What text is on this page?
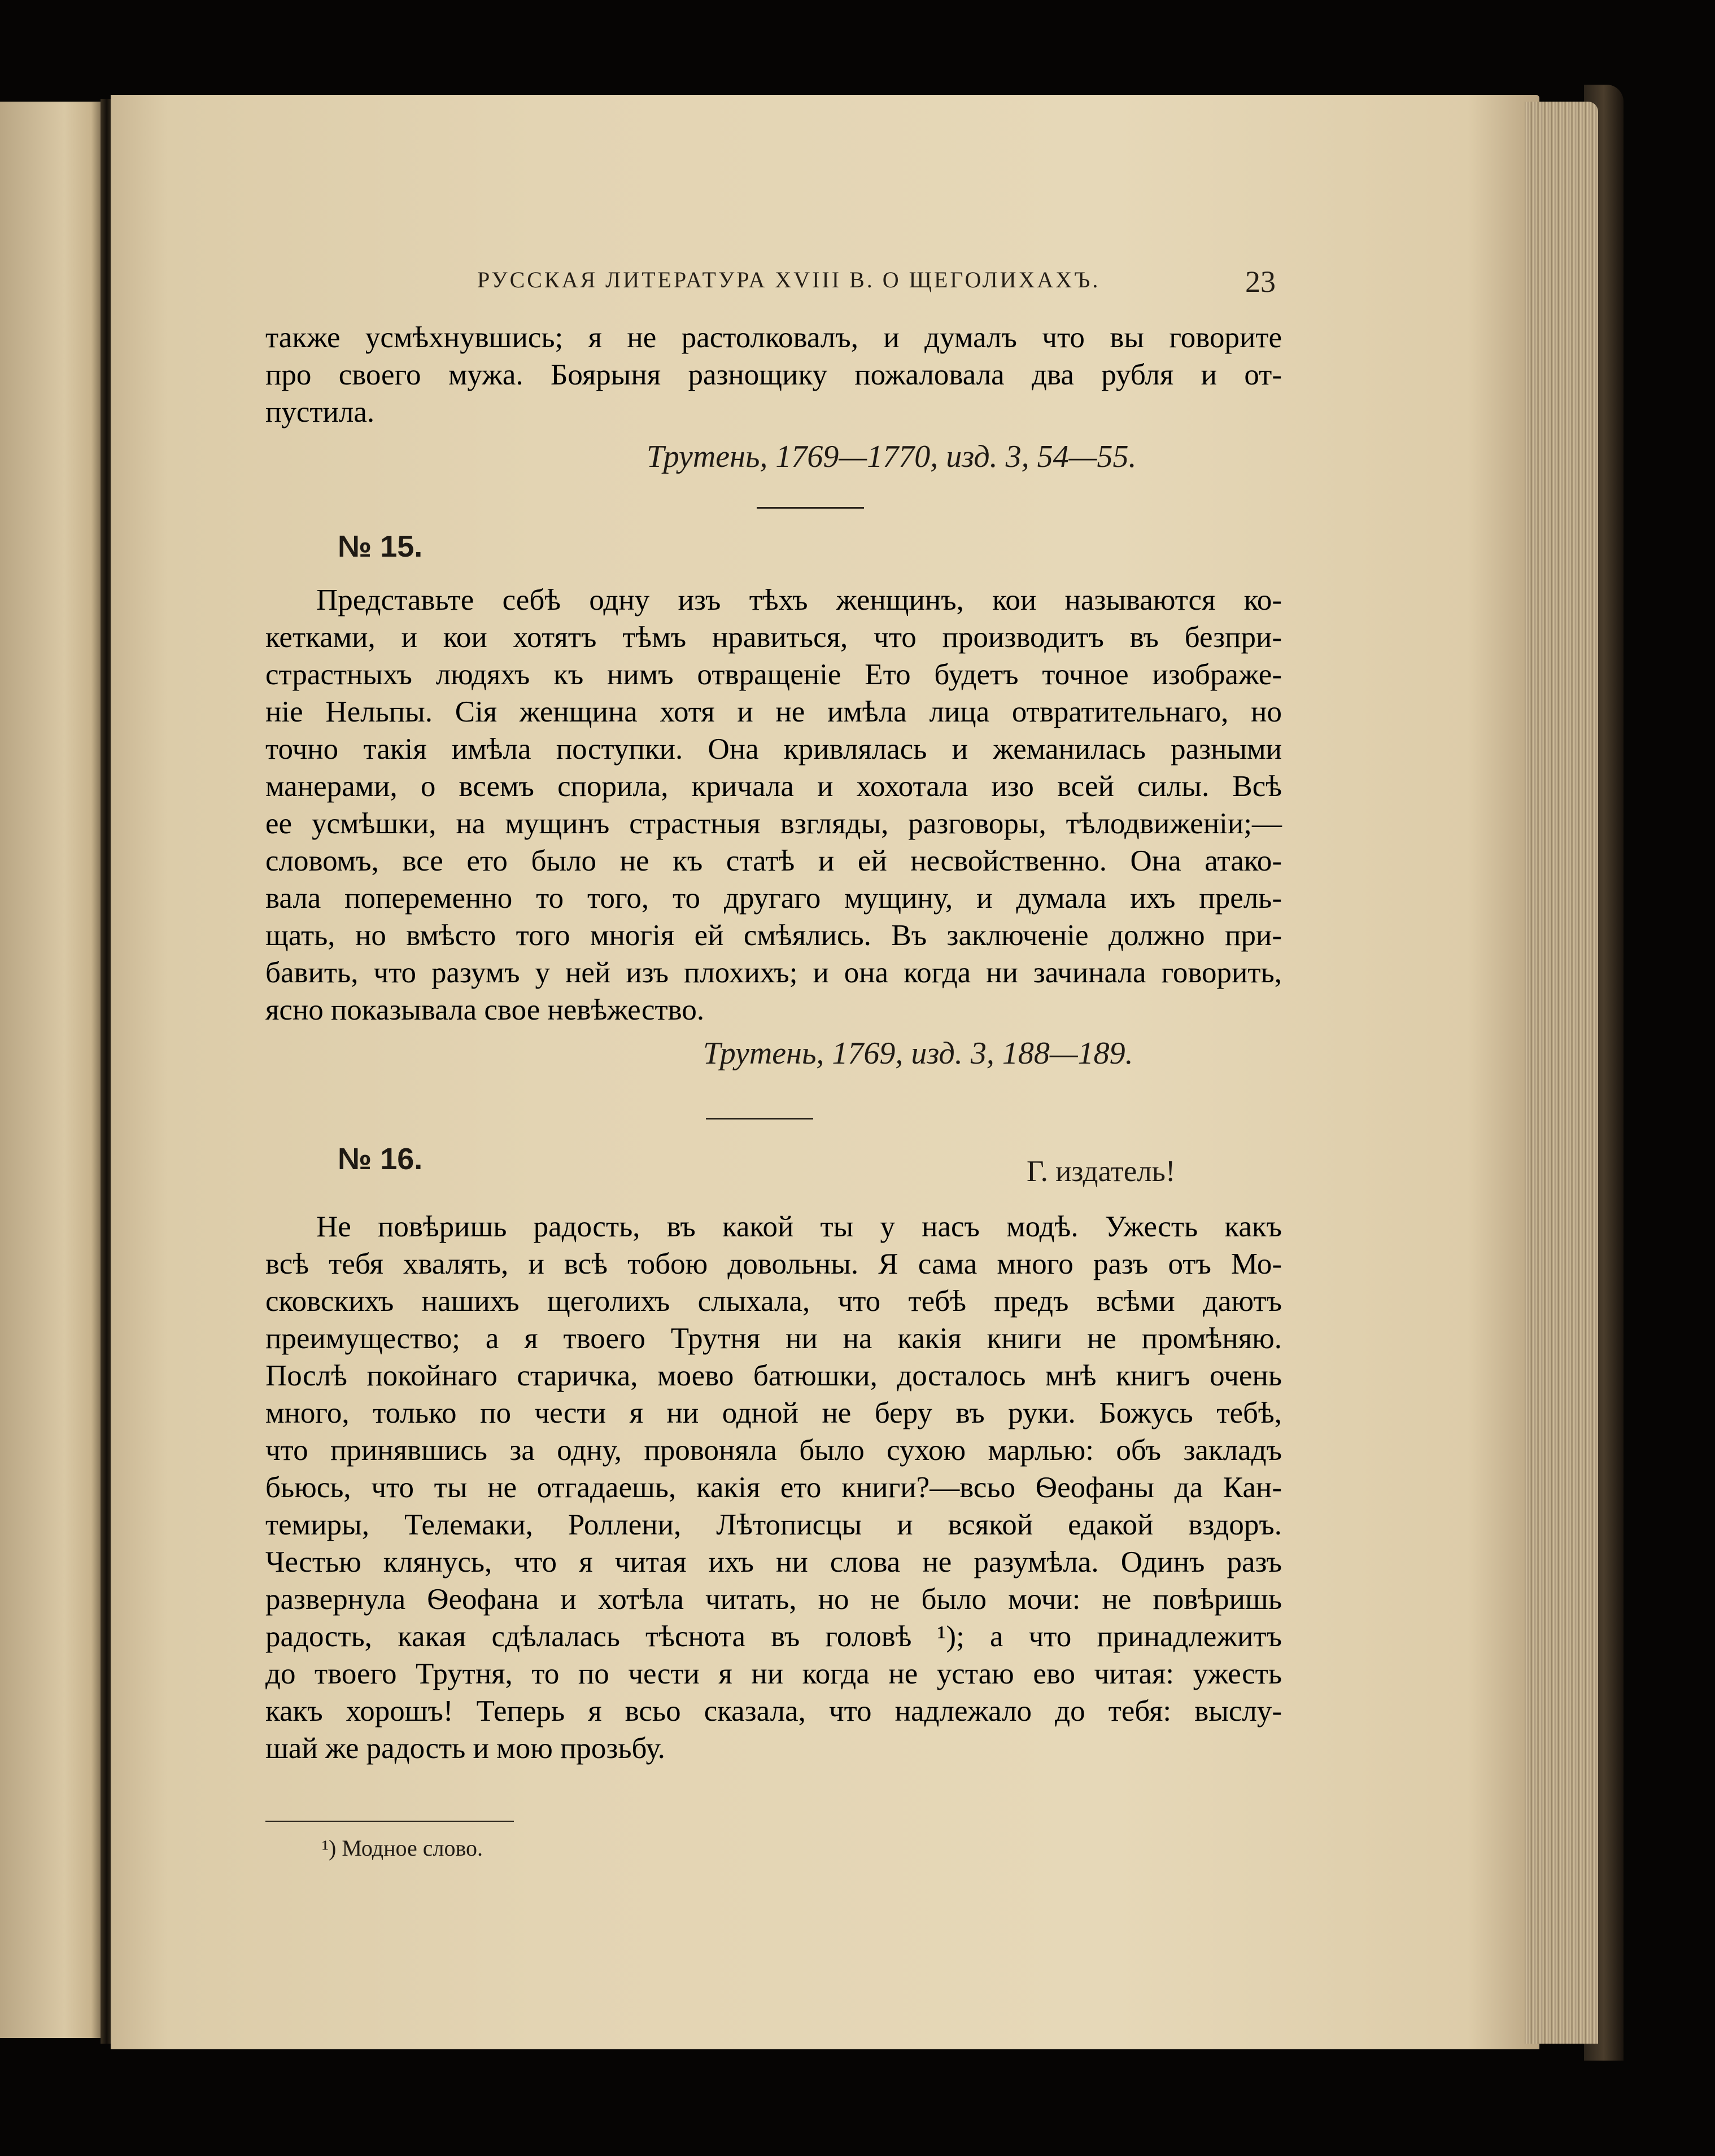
РУССКАЯ ЛИТЕРАТУРА XVIII В. О ЩЕГОЛИХАХЪ.	23
также усмѣхнувшись; я не растолковалъ, и думалъ что вы говорите
про своего мужа. Боярыня разнощику пожаловала два рубля и от-
пустила.
Трутень, 1769—1770, изд. 3, 54—55.
№ 15.
Представьте себѣ одну изъ тѣхъ женщинъ, кои называются ко-
кетками, и кои хотятъ тѣмъ нравиться, что производитъ въ безпри-
страстныхъ людяхъ къ нимъ отвращеніе Ето будетъ точное изображе-
ніе Нельпы. Сія женщина хотя и не имѣла лица отвратительнаго, но
точно такія имѣла поступки. Она кривлялась и жеманилась разными
манерами, о всемъ спорила, кричала и хохотала изо всей силы. Всѣ
ее усмѣшки, на мущинъ страстныя взгляды, разговоры, тѣлодвиженіи;—
словомъ, все ето было не къ статѣ и ей несвойственно. Она атако-
вала попеременно то того, то другаго мущину, и думала ихъ прель-
щать, но вмѣсто того многія ей смѣялись. Въ заключеніе должно при-
бавить, что разумъ у ней изъ плохихъ; и она когда ни зачинала говорить,
ясно показывала свое невѣжество.
Трутень, 1769, изд. 3, 188—189.
№ 16.	Г. издатель!
Не повѣришь радость, въ какой ты у насъ модѣ. Ужесть какъ
всѣ тебя хвалять, и всѣ тобою довольны. Я сама много разъ отъ Мо-
сковскихъ нашихъ щеголихъ слыхала, что тебѣ предъ всѣми даютъ
преимущество; а я твоего Трутня ни на какія книги не промѣняю.
Послѣ покойнаго старичка, моево батюшки, досталось мнѣ книгъ очень
много, только по чести я ни одной не беру въ руки. Божусь тебѣ,
что принявшись за одну, провоняла было сухою марлью: объ закладъ
бьюсь, что ты не отгадаешь, какія ето книги?—всьо Ѳеофаны да Кан-
темиры, Телемаки, Роллени, Лѣтописцы и всякой едакой вздоръ.
Честью клянусь, что я читая ихъ ни слова не разумѣла. Одинъ разъ
развернула Ѳеофана и хотѣла читать, но не было мочи: не повѣришь
радость, какая сдѣлалась тѣснота въ головѣ ¹); а что принадлежитъ
до твоего Трутня, то по чести я ни когда не устаю ево читая: ужесть
какъ хорошъ! Теперь я всьо сказала, что надлежало до тебя: выслу-
шай же радость и мою прозьбу.
¹) Модное слово.
